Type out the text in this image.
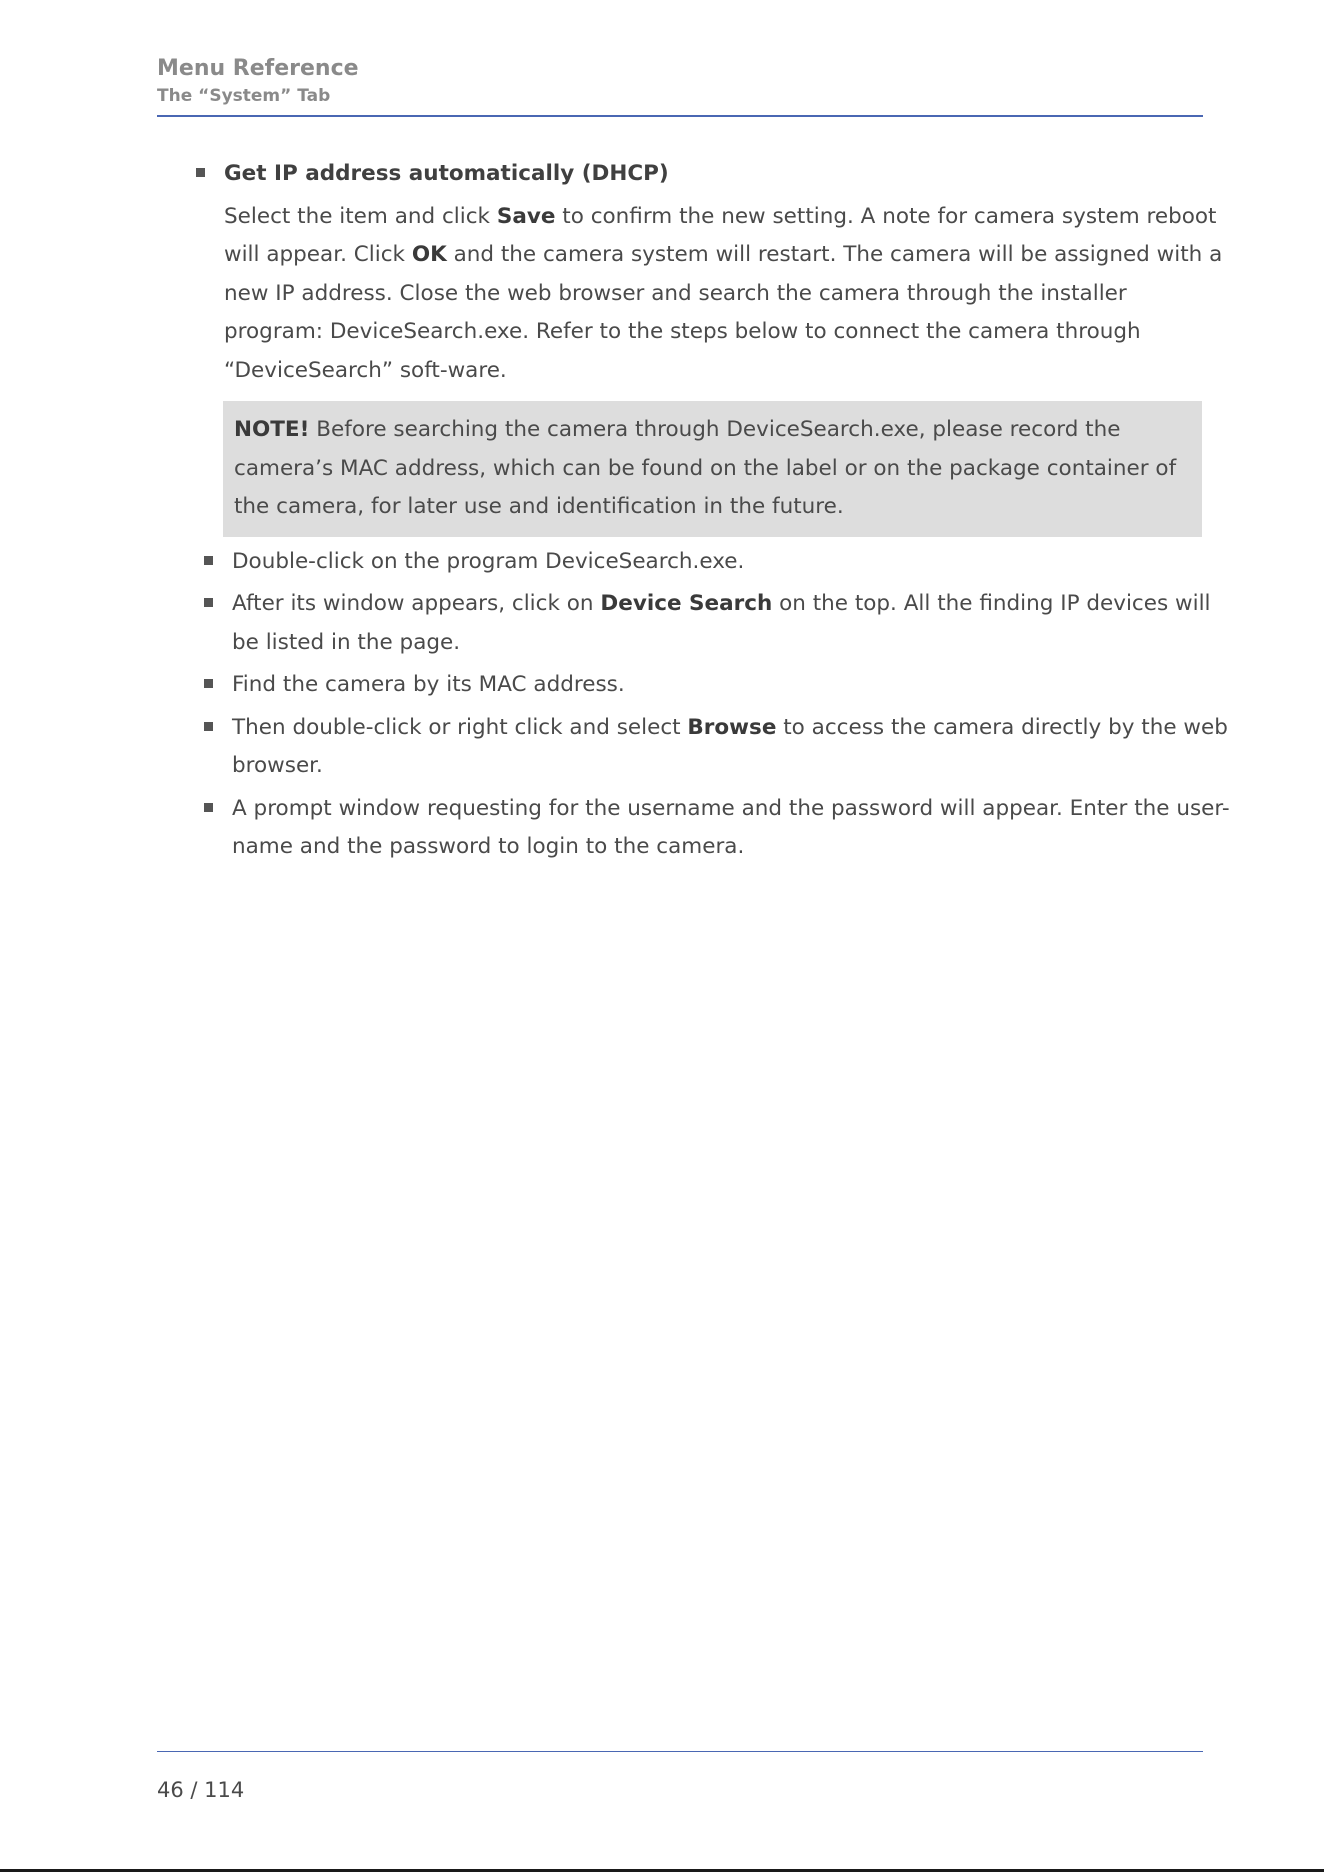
Menu Reference
The “System” Tab
Get IP address automatically (DHCP)
Select the item and click Save to confirm the new setting. A note for camera system reboot will appear. Click OK and the camera system will restart. The camera will be assigned with a new IP address. Close the web browser and search the camera through the installer program: DeviceSearch.exe. Refer to the steps below to connect the camera through “DeviceSearch” soft-ware.
NOTE! Before searching the camera through DeviceSearch.exe, please record the camera’s MAC address, which can be found on the label or on the package container of the camera, for later use and identification in the future.
Double-click on the program DeviceSearch.exe.
After its window appears, click on Device Search on the top. All the finding IP devices will be listed in the page.
Find the camera by its MAC address.
Then double-click or right click and select Browse to access the camera directly by the web browser.
A prompt window requesting for the username and the password will appear. Enter the user-name and the password to login to the camera.
46 / 114
